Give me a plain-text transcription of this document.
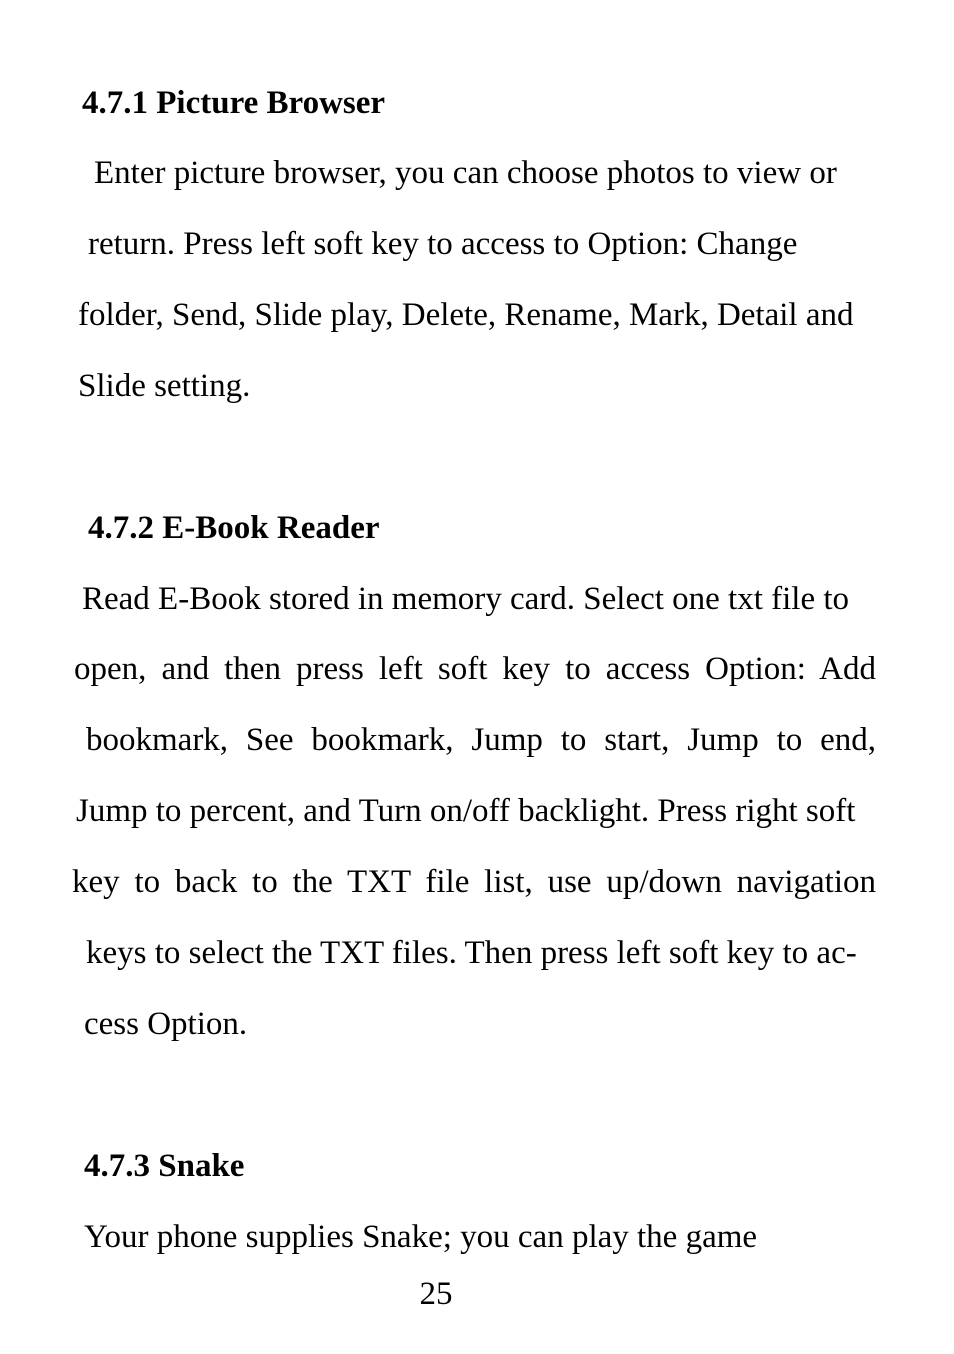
4.7.1 Picture Browser
Enter picture browser, you can choose photos to view or
return. Press left soft key to access to Option: Change
folder, Send, Slide play, Delete, Rename, Mark, Detail and
Slide setting.
4.7.2 E-Book Reader
Read E-Book stored in memory card. Select one txt file to
open, and then press left soft key to access Option: Add
bookmark, See bookmark, Jump to start, Jump to end,
Jump to percent, and Turn on/off backlight. Press right soft
key to back to the TXT file list, use up/down navigation
keys to select the TXT files. Then press left soft key to ac-
cess Option.
4.7.3 Snake
Your phone supplies Snake; you can play the game
25
